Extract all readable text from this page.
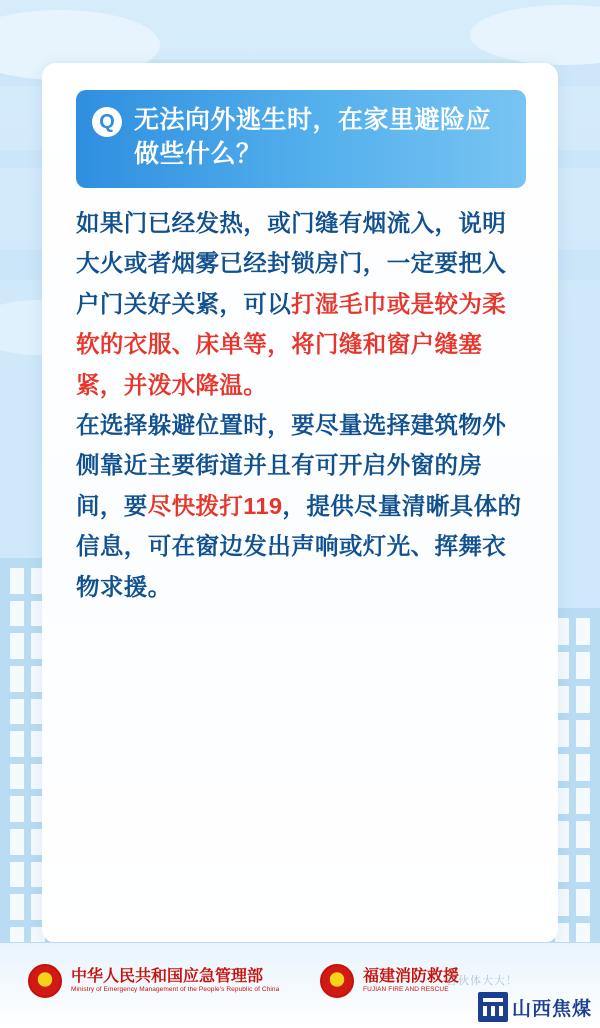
Q 无法向外逃生时，在家里避险应做些什么？

如果门已经发热，或门缝有烟流入，说明大火或者烟雾已经封锁房门，一定要把入户门关好关紧，可以打湿毛巾或是较为柔软的衣服、床单等，将门缝和窗户缝塞紧，并泼水降温。

在选择躲避位置时，要尽量选择建筑物外侧靠近主要街道并且有可开启外窗的房间，要尽快拨打119，提供尽量清晰具体的信息，可在窗边发出声响或灯光、挥舞衣物求援。

★
中华人民共和国应急管理部
Ministry of Emergency Management of the People's Republic of China
★
福建消防救援
FUJIAN FIRE AND RESCUE
合伙体大大！
山西焦煤
